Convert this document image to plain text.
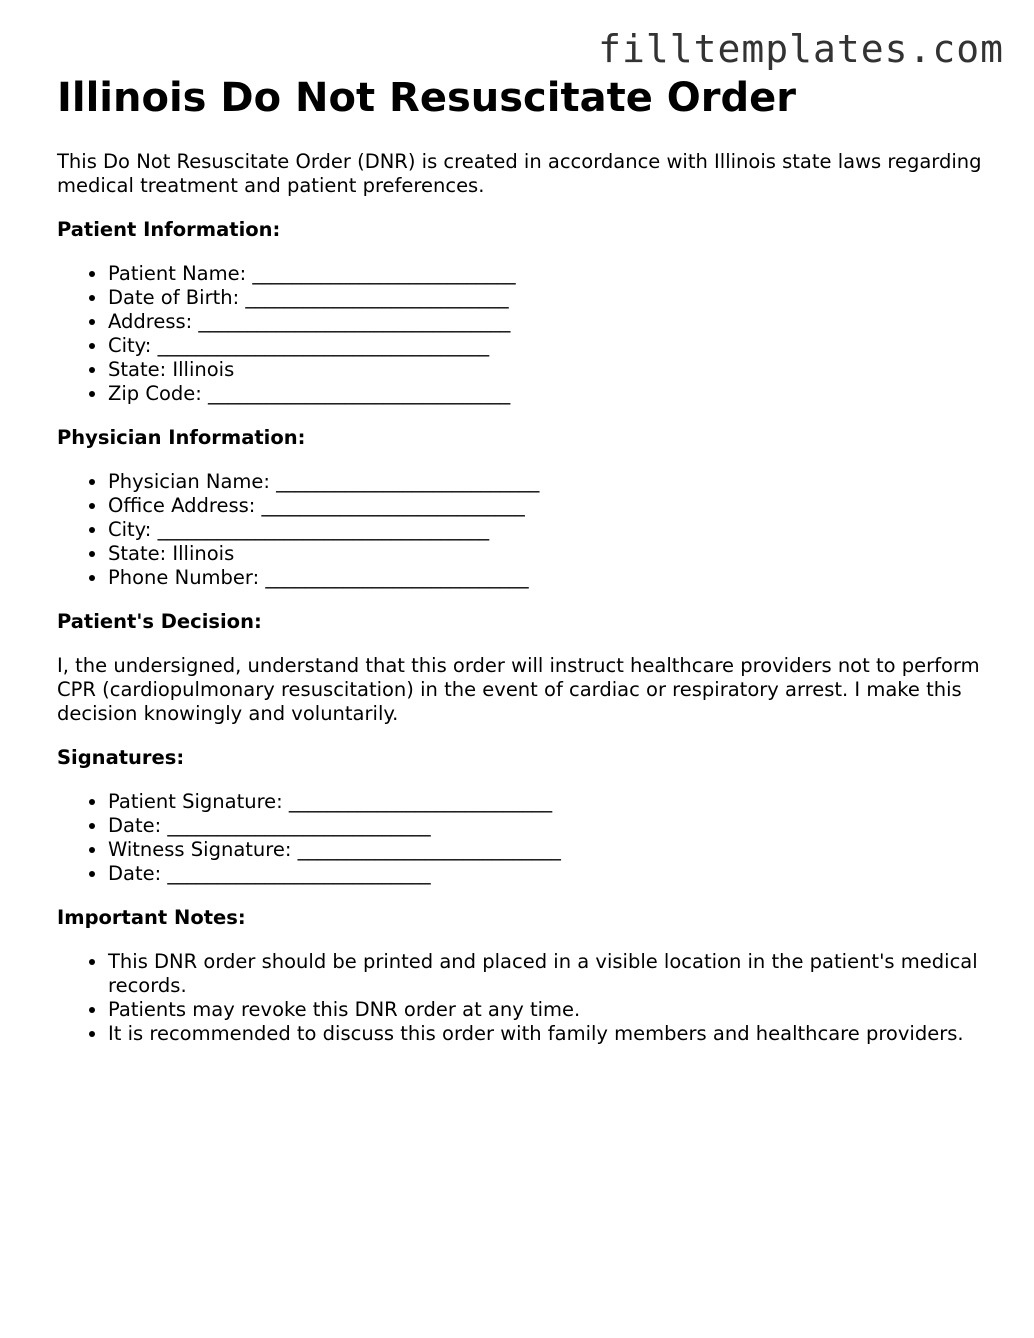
filltemplates.com
Illinois Do Not Resuscitate Order

This Do Not Resuscitate Order (DNR) is created in accordance with Illinois state laws regarding medical treatment and patient preferences.

Patient Information:
• Patient Name: ___________________________
• Date of Birth: ___________________________
• Address: ________________________________
• City: __________________________________
• State: Illinois
• Zip Code: _______________________________
Physician Information:
• Physician Name: ___________________________
• Office Address: ___________________________
• City: __________________________________
• State: Illinois
• Phone Number: ___________________________
Patient's Decision:

I, the undersigned, understand that this order will instruct healthcare providers not to perform CPR (cardiopulmonary resuscitation) in the event of cardiac or respiratory arrest. I make this decision knowingly and voluntarily.

Signatures:
• Patient Signature: ___________________________
• Date: ___________________________
• Witness Signature: ___________________________
• Date: ___________________________
Important Notes:
• This DNR order should be printed and placed in a visible location in the patient's medical records.
• Patients may revoke this DNR order at any time.
• It is recommended to discuss this order with family members and healthcare providers.
